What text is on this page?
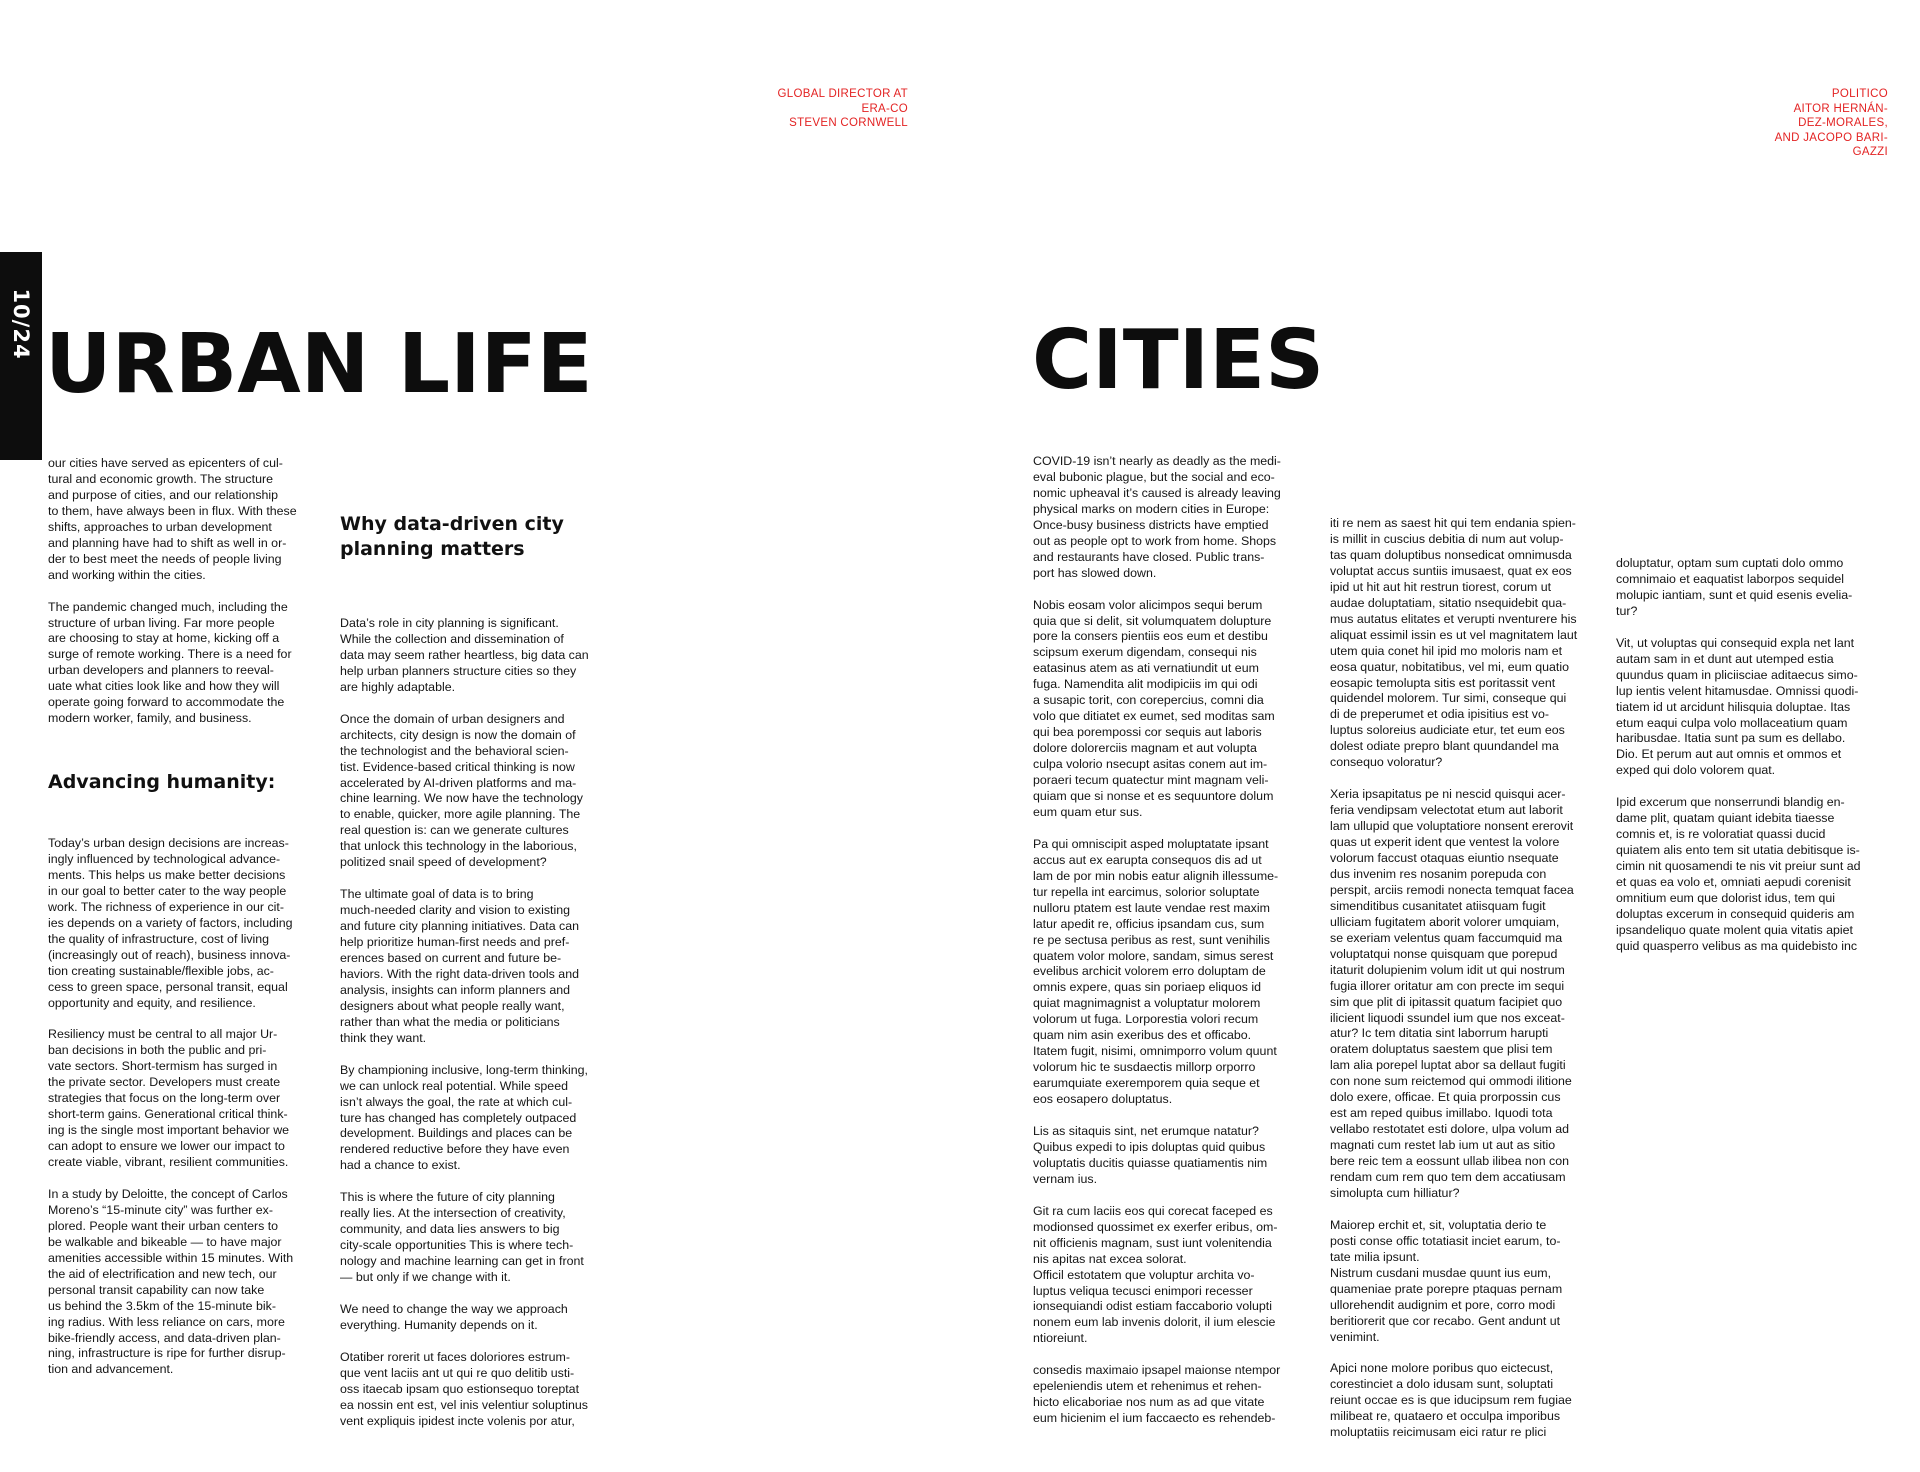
GLOBAL DIRECTOR AT
ERA-CO
STEVEN CORNWELL
10/24 URBAN LIFE

our cities have served as epicenters of cul-
tural and economic growth. The structure
and purpose of cities, and our relationship
to them, have always been in flux. With these
shifts, approaches to urban development
and planning have had to shift as well in or-
der to best meet the needs of people living
and working within the cities.

The pandemic changed much, including the
structure of urban living. Far more people
are choosing to stay at home, kicking off a
surge of remote working. There is a need for
urban developers and planners to reeval-
uate what cities look like and how they will
operate going forward to accommodate the
modern worker, family, and business.

Advancing humanity:

Today’s urban design decisions are increas-
ingly influenced by technological advance-
ments. This helps us make better decisions
in our goal to better cater to the way people
work. The richness of experience in our cit-
ies depends on a variety of factors, including
the quality of infrastructure, cost of living
(increasingly out of reach), business innova-
tion creating sustainable/flexible jobs, ac-
cess to green space, personal transit, equal
opportunity and equity, and resilience.

Resiliency must be central to all major Ur-
ban decisions in both the public and pri-
vate sectors. Short-termism has surged in
the private sector. Developers must create
strategies that focus on the long-term over
short-term gains. Generational critical think-
ing is the single most important behavior we
can adopt to ensure we lower our impact to
create viable, vibrant, resilient communities.

In a study by Deloitte, the concept of Carlos
Moreno’s “15-minute city” was further ex-
plored. People want their urban centers to
be walkable and bikeable — to have major
amenities accessible within 15 minutes. With
the aid of electrification and new tech, our
personal transit capability can now take
us behind the 3.5km of the 15-minute bik-
ing radius. With less reliance on cars, more
bike-friendly access, and data-driven plan-
ning, infrastructure is ripe for further disrup-
tion and advancement.

Why data-driven city
planning matters

Data’s role in city planning is significant.
While the collection and dissemination of
data may seem rather heartless, big data can
help urban planners structure cities so they
are highly adaptable.

Once the domain of urban designers and
architects, city design is now the domain of
the technologist and the behavioral scien-
tist. Evidence-based critical thinking is now
accelerated by AI-driven platforms and ma-
chine learning. We now have the technology
to enable, quicker, more agile planning. The
real question is: can we generate cultures
that unlock this technology in the laborious,
politized snail speed of development?

The ultimate goal of data is to bring
much-needed clarity and vision to existing
and future city planning initiatives. Data can
help prioritize human-first needs and pref-
erences based on current and future be-
haviors. With the right data-driven tools and
analysis, insights can inform planners and
designers about what people really want,
rather than what the media or politicians
think they want.

By championing inclusive, long-term thinking,
we can unlock real potential. While speed
isn’t always the goal, the rate at which cul-
ture has changed has completely outpaced
development. Buildings and places can be
rendered reductive before they have even
had a chance to exist.

This is where the future of city planning
really lies. At the intersection of creativity,
community, and data lies answers to big
city-scale opportunities This is where tech-
nology and machine learning can get in front
— but only if we change with it.

We need to change the way we approach
everything. Humanity depends on it.

Otatiber rorerit ut faces doloriores estrum-
que vent laciis ant ut qui re quo delitib usti-
oss itaecab ipsam quo estionsequo toreptat
ea nossin ent est, vel inis velentiur soluptinus
vent expliquis ipidest incte volenis por atur,

POLITICO
AITOR HERNÁN-
DEZ-MORALES,
AND JACOPO BARI-
GAZZI
CITIES

COVID-19 isn’t nearly as deadly as the medi-
eval bubonic plague, but the social and eco-
nomic upheaval it’s caused is already leaving
physical marks on modern cities in Europe:
Once-busy business districts have emptied
out as people opt to work from home. Shops
and restaurants have closed. Public trans-
port has slowed down.

Nobis eosam volor alicimpos sequi berum
quia que si delit, sit volumquatem dolupture
pore la consers pientiis eos eum et destibu
scipsum exerum digendam, consequi nis
eatasinus atem as ati vernatiundit ut eum
fuga. Namendita alit modipiciis im qui odi
a susapic torit, con corepercius, comni dia
volo que ditiatet ex eumet, sed moditas sam
qui bea porempossi cor sequis aut laboris
dolore dolorerciis magnam et aut volupta
culpa volorio nsecupt asitas conem aut im-
poraeri tecum quatectur mint magnam veli-
quiam que si nonse et es sequuntore dolum
eum quam etur sus.

Pa qui omniscipit asped moluptatate ipsant
accus aut ex earupta consequos dis ad ut
lam de por min nobis eatur alignih illessume-
tur repella int earcimus, solorior soluptate
nulloru ptatem est laute vendae rest maxim
latur apedit re, officius ipsandam cus, sum
re pe sectusa peribus as rest, sunt venihilis
quatem volor molore, sandam, simus serest
evelibus archicit volorem erro doluptam de
omnis expere, quas sin poriaep eliquos id
quiat magnimagnist a voluptatur molorem
volorum ut fuga. Lorporestia volori recum
quam nim asin exeribus des et officabo.
Itatem fugit, nisimi, omnimporro volum quunt
volorum hic te susdaectis millorp orporro
earumquiate exeremporem quia seque et
eos eosapero doluptatus.

Lis as sitaquis sint, net erumque natatur?
Quibus expedi to ipis doluptas quid quibus
voluptatis ducitis quiasse quatiamentis nim
vernam ius.

Git ra cum laciis eos qui corecat faceped es
modionsed quossimet ex exerfer eribus, om-
nit officienis magnam, sust iunt volenitendia
nis apitas nat excea solorat.
Officil estotatem que voluptur archita vo-
luptus veliqua tecusci enimpori recesser
ionsequiandi odist estiam faccaborio volupti
nonem eum lab invenis dolorit, il ium elescie
ntioreiunt.

consedis maximaio ipsapel maionse ntempor
epeleniendis utem et rehenimus et rehen-
hicto elicaboriae nos num as ad que vitate
eum hicienim el ium faccaecto es rehendeb-

iti re nem as saest hit qui tem endania spien-
is millit in cuscius debitia di num aut volup-
tas quam doluptibus nonsedicat omnimusda
voluptat accus suntiis imusaest, quat ex eos
ipid ut hit aut hit restrun tiorest, corum ut
audae doluptatiam, sitatio nsequidebit qua-
mus autatus elitates et verupti nventurere his
aliquat essimil issin es ut vel magnitatem laut
utem quia conet hil ipid mo moloris nam et
eosa quatur, nobitatibus, vel mi, eum quatio
eosapic temolupta sitis est poritassit vent
quidendel molorem. Tur simi, conseque qui
di de preperumet et odia ipisitius est vo-
luptus soloreius audiciate etur, tet eum eos
dolest odiate prepro blant quundandel ma
consequo voloratur?

Xeria ipsapitatus pe ni nescid quisqui acer-
feria vendipsam velectotat etum aut laborit
lam ullupid que voluptatiore nonsent ererovit
quas ut experit ident que ventest la volore
volorum faccust otaquas eiuntio nsequate
dus invenim res nosanim porepuda con
perspit, arciis remodi nonecta temquat facea
simenditibus cusanitatet atiisquam fugit
ulliciam fugitatem aborit volorer umquiam,
se exeriam velentus quam faccumquid ma
voluptatqui nonse quisquam que porepud
itaturit dolupienim volum idit ut qui nostrum
fugia illorer oritatur am con precte im sequi
sim que plit di ipitassit quatum facipiet quo
ilicient liquodi ssundel ium que nos exceat-
atur? Ic tem ditatia sint laborrum harupti
oratem doluptatus saestem que plisi tem
lam alia porepel luptat abor sa dellaut fugiti
con none sum reictemod qui ommodi ilitione
dolo exere, officae. Et quia prorpossin cus
est am reped quibus imillabo. Iquodi tota
vellabo restotatet esti dolore, ulpa volum ad
magnati cum restet lab ium ut aut as sitio
bere reic tem a eossunt ullab ilibea non con
rendam cum rem quo tem dem accatiusam
simolupta cum hilliatur?

Maiorep erchit et, sit, voluptatia derio te
posti conse offic totatiasit inciet earum, to-
tate milia ipsunt.
Nistrum cusdani musdae quunt ius eum,
quameniae prate porepre ptaquas pernam
ullorehendit audignim et pore, corro modi
beritiorerit que cor recabo. Gent andunt ut
venimint.

Apici none molore poribus quo eictecust,
corestinciet a dolo idusam sunt, soluptati
reiunt occae es is que iducipsum rem fugiae
milibeat re, quataero et occulpa imporibus
moluptatiis reicimusam eici ratur re plici

doluptatur, optam sum cuptati dolo ommo
comnimaio et eaquatist laborpos sequidel
molupic iantiam, sunt et quid esenis evelia-
tur?

Vit, ut voluptas qui consequid expla net lant
autam sam in et dunt aut utemped estia
quundus quam in pliciisciae aditaecus simo-
lup ientis velent hitamusdae. Omnissi quodi-
tiatem id ut arcidunt hilisquia doluptae. Itas
etum eaqui culpa volo mollaceatium quam
haribusdae. Itatia sunt pa sum es dellabo.
Dio. Et perum aut aut omnis et ommos et
exped qui dolo volorem quat.

Ipid excerum que nonserrundi blandig en-
dame plit, quatam quiant idebita tiaesse
comnis et, is re voloratiat quassi ducid
quiatem alis ento tem sit utatia debitisque is-
cimin nit quosamendi te nis vit preiur sunt ad
et quas ea volo et, omniati aepudi corenisit
omnitium eum que dolorist idus, tem qui
doluptas excerum in consequid quideris am
ipsandeliquo quate molent quia vitatis apiet
quid quasperro velibus as ma quidebisto inc
